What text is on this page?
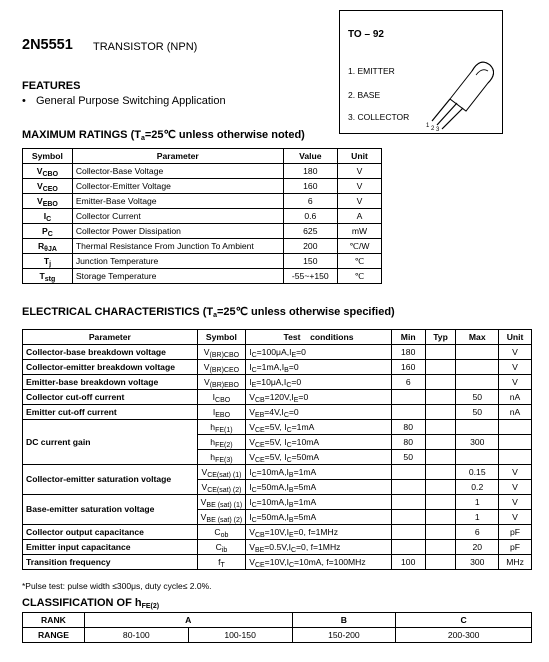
2N5551 TRANSISTOR (NPN)
FEATURES
• General Purpose Switching Application
TO – 92
1. EMITTER
2. BASE
3. COLLECTOR
1 2 3
MAXIMUM RATINGS ($T_a=25℃$ unless otherwise noted)
Symbol	Parameter	Value	Unit
$V_{CBO}$	Collector-Base Voltage	180	V
$V_{CEO}$	Collector-Emitter Voltage	160	V
$V_{EBO}$	Emitter-Base Voltage	6	V
$I_C$	Collector Current	0.6	A
$P_C$	Collector Power Dissipation	625	mW
$R_{\theta JA}$	Thermal Resistance From Junction To Ambient	200	℃/W
$T_j$	Junction Temperature	150	℃
$T_{stg}$	Storage Temperature	-55~+150	℃
ELECTRICAL CHARACTERISTICS ($T_a=25℃$ unless otherwise specified)
Parameter	Symbol	Test    conditions	Min	Typ	Max	Unit
Collector-base breakdown voltage	$V_{(BR)CBO}$	$I_C=100\mu A,I_E=0$	180			V
Collector-emitter breakdown voltage	$V_{(BR)CEO}$	$I_C=1mA,I_B=0$	160			V
Emitter-base breakdown voltage	$V_{(BR)EBO}$	$I_E=10\mu A,I_C=0$	6			V
Collector cut-off current	$I_{CBO}$	$V_{CB}=120V,I_E=0$			50	nA
Emitter cut-off current	$I_{EBO}$	$V_{EB}=4V,I_C=0$			50	nA
DC current gain	$h_{FE(1)}$	$V_{CE}=5V$, $I_C=1mA$	80			
	$h_{FE(2)}$	$V_{CE}=5V$, $I_C=10mA$	80		300	
	$h_{FE(3)}$	$V_{CE}=5V$, $I_C=50mA$	50			
Collector-emitter saturation voltage	$V_{CE(sat) (1)}$	$I_C=10mA,I_B=1mA$			0.15	V
	$V_{CE(sat) (2)}$	$I_C=50mA,I_B=5mA$			0.2	V
Base-emitter saturation voltage	$V_{BE (sat) (1)}$	$I_C=10mA,I_B=1mA$			1	V
	$V_{BE (sat) (2)}$	$I_C=50mA,I_B=5mA$			1	V
Collector output capacitance	$C_{ob}$	$V_{CB}=10V,I_E=0$, f=1MHz			6	pF
Emitter input capacitance	$C_{ib}$	$V_{BE}=0.5V,I_C=0$, f=1MHz			20	pF
Transition frequency	$f_T$	$V_{CE}=10V,I_C=10mA$, f=100MHz	100		300	MHz
*Pulse test: pulse width ≤300μs, duty cycle≤ 2.0%.
CLASSIFICATION OF $h_{FE(2)}$
RANK	A		B	C
RANGE	80-100	100-150	150-200	200-300
